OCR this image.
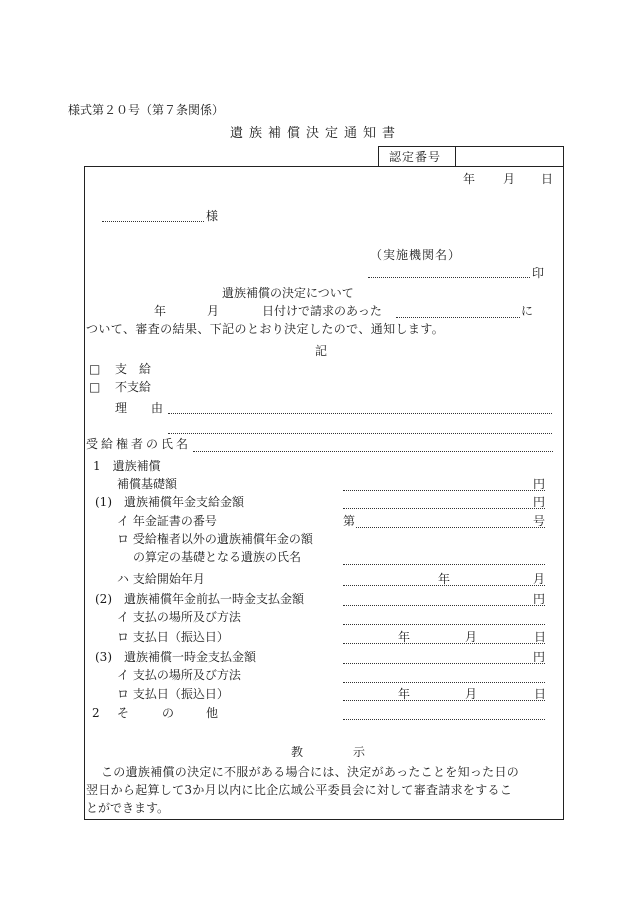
様式第２０号（第７条関係）
遺族補償決定通知書
認定番号
年 月 日
様
（実施機関名）
印
遺族補償の決定について
年	月	日付けで請求のあった	に
ついて、審査の結果、下記のとおり決定したので、通知します。
記
□ 支　給
□ 不支給
理　　由
受給権者の氏名
1　遺族補償
補償基礎額	円
(1)　遺族補償年金支給金額	円
イ 年金証書の番号	第	号
ロ 受給権者以外の遺族補償年金の額
の算定の基礎となる遺族の氏名
ハ 支給開始年月	年	月
(2)　遺族補償年金前払一時金支払金額	円
イ 支払の場所及び方法
ロ 支払日（振込日）	年	月	日
(3)　遺族補償一時金支払金額	円
イ 支払の場所及び方法
ロ 支払日（振込日）	年	月	日
2 そ	の	他
教	示
この遺族補償の決定に不服がある場合には、決定があったことを知った日の
翌日から起算して3か月以内に比企広域公平委員会に対して審査請求をするこ
とができます。
